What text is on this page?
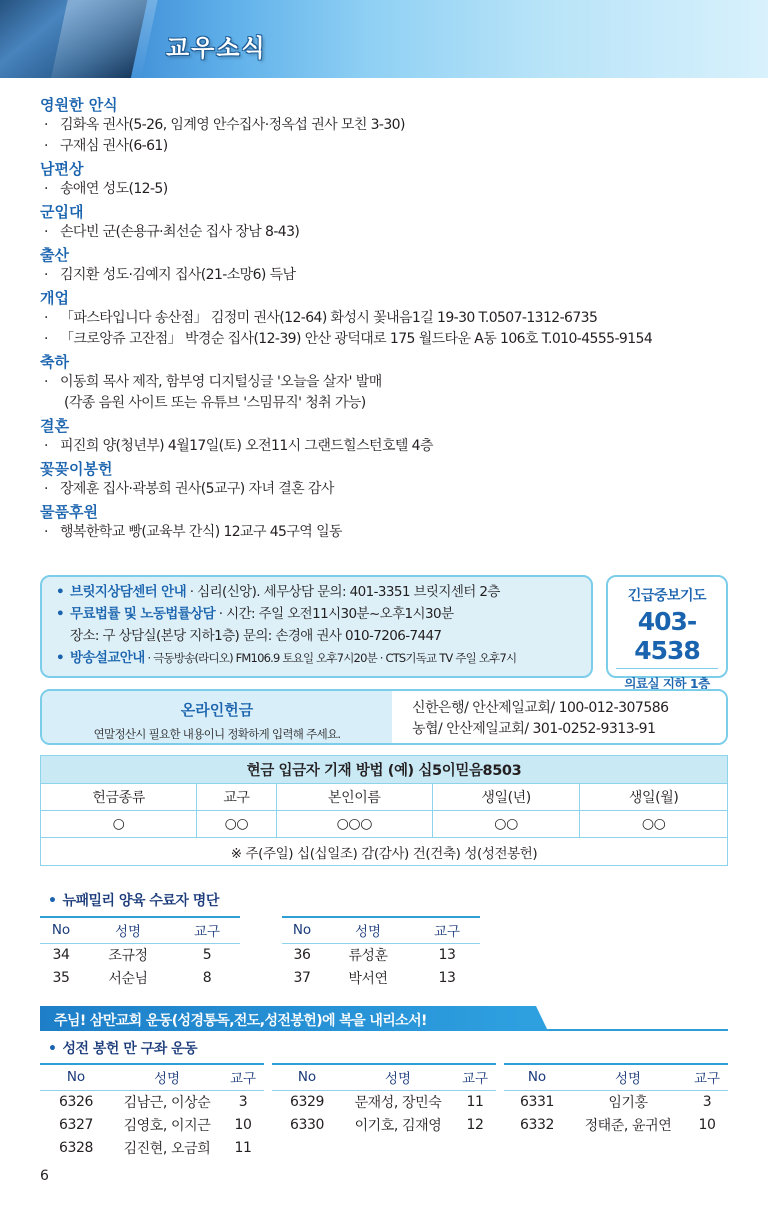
교우소식
영원한 안식
· 김화옥 권사(5-26, 임계영 안수집사·정옥섭 권사 모친 3-30)
· 구재심 권사(6-61)
남편상
· 송애연 성도(12-5)
군입대
· 손다빈 군(손용규·최선순 집사 장남 8-43)
출산
· 김지환 성도·김예지 집사(21-소망6) 득남
개업
· 「파스타입니다 송산점」 김정미 권사(12-64) 화성시 꽃내음1길 19-30 T.0507-1312-6735
· 「크로앙쥬 고잔점」 박경순 집사(12-39) 안산 광덕대로 175 월드타운 A동 106호 T.010-4555-9154
축하
· 이동희 목사 제작, 함부영 디지털싱글 '오늘을 살자' 발매
(각종 음원 사이트 또는 유튜브 '스밈뮤직' 청취 가능)
결혼
· 피진희 양(청년부) 4월17일(토) 오전11시 그랜드힐스턴호텔 4층
꽃꽂이봉헌
· 장제훈 집사·곽봉희 권사(5교구) 자녀 결혼 감사
물품후원
· 행복한학교 빵(교육부 간식) 12교구 45구역 일동
• 브릿지상담센터 안내 · 심리(신앙). 세무상담 문의: 401-3351 브릿지센터 2층
• 무료법률 및 노동법률상담 · 시간: 주일 오전11시30분~오후1시30분
장소: 구 상담실(본당 지하1층) 문의: 손경애 권사 010-7206-7447
• 방송설교안내 · 극동방송(라디오) FM106.9 토요일 오후7시20분 · CTS기독교 TV 주일 오후7시
긴급중보기도
403-4538
의료실 지하 1층
온라인헌금
연말정산시 필요한 내용이니 정확하게 입력해 주세요.
신한은행/ 안산제일교회/ 100-012-307586
농협/ 안산제일교회/ 301-0252-9313-91
현금 입금자 기재 방법 (예) 십5이믿음8503				
헌금종류	교구	본인이름	생일(년)	생일(월)
○	○○	○○○	○○	○○
※ 주(주일) 십(십일조) 감(감사) 건(건축) 성(성전봉헌)				
• 뉴패밀리 양육 수료자 명단
No	성명	교구
34	조규정	5
35	서순님	8
No	성명	교구
36	류성훈	13
37	박서연	13
주님! 삼만교회 운동(성경통독,전도,성전봉헌)에 복을 내리소서!
• 성전 봉헌 만 구좌 운동
No	성명	교구
6326	김남근, 이상순	3
6327	김영호, 이지근	10
6328	김진현, 오금희	11
No	성명	교구
6329	문재성, 장민숙	11
6330	이기호, 김재영	12
No	성명	교구
6331	임기홍	3
6332	정태준, 윤귀연	10
6
